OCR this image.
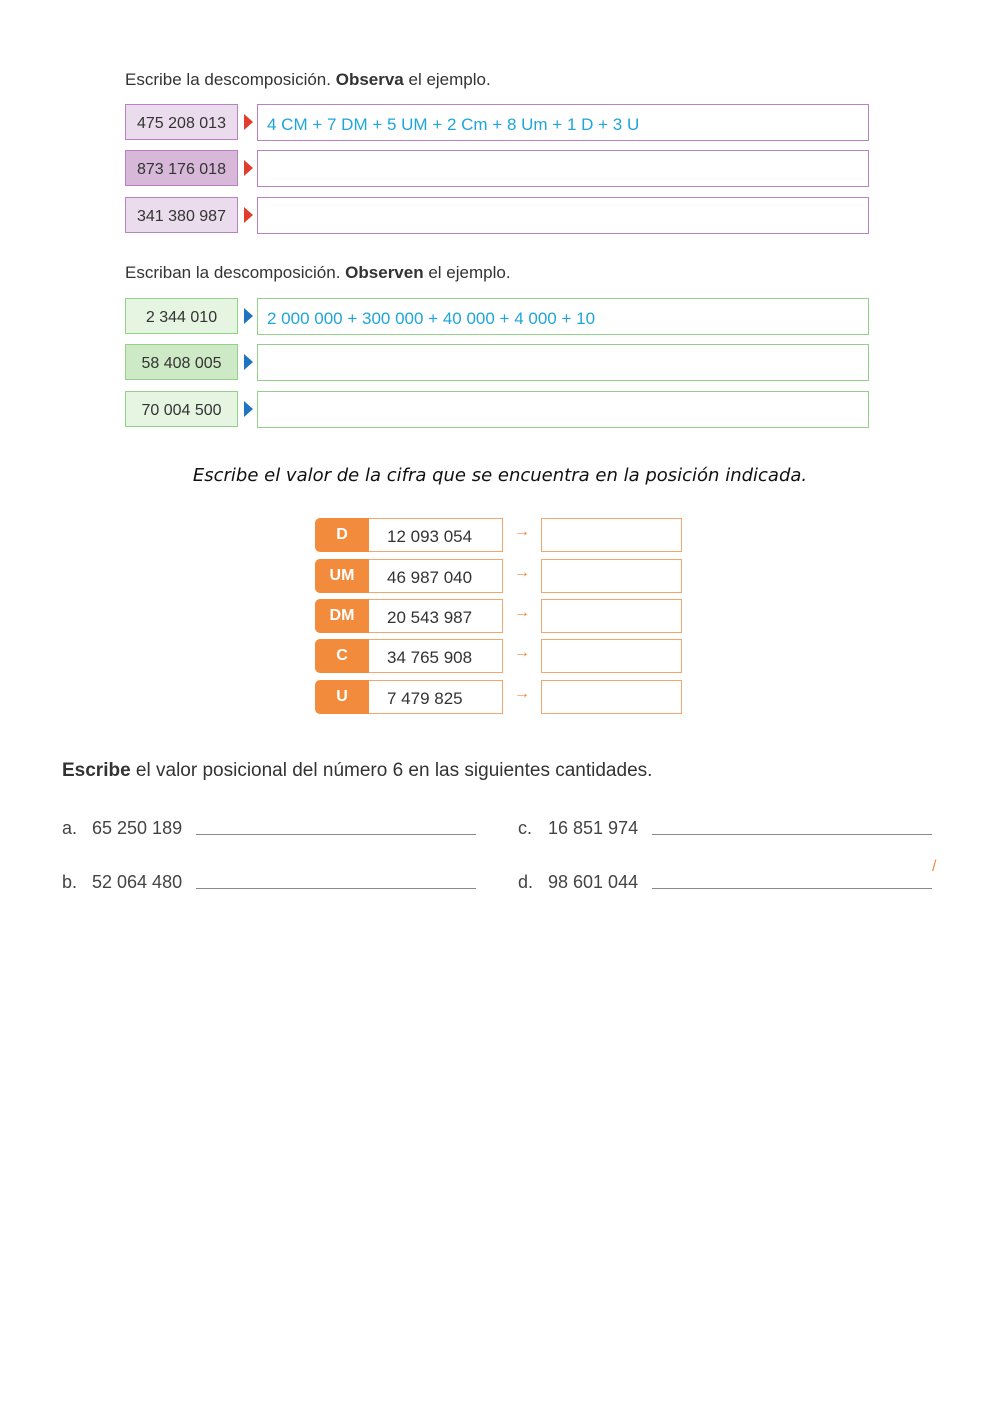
Escribe la descomposición. Observa el ejemplo.
475 208 013	4 CM + 7 DM + 5 UM + 2 Cm + 8 Um + 1 D + 3 U
873 176 018
341 380 987
Escriban la descomposición. Observen el ejemplo.
2 344 010	2 000 000 + 300 000 + 40 000 + 4 000 + 10
58 408 005
70 004 500
Escribe el valor de la cifra que se encuentra en la posición indicada.
D	12 093 054	→
UM	46 987 040	→
DM	20 543 987	→
C	34 765 908	→
U	7 479 825	→
Escribe el valor posicional del número 6 en las siguientes cantidades.
a. 65 250 189
b. 52 064 480
c. 16 851 974
d. 98 601 044
/
